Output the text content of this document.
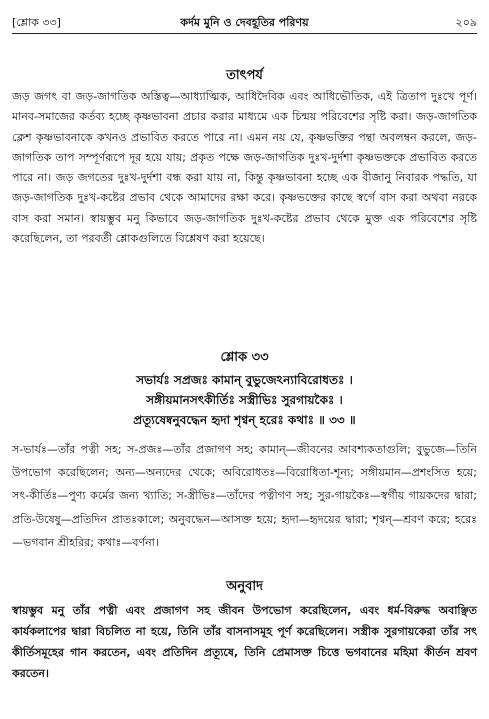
[শ্লোক ৩৩]	কর্দম মুনি ও দেবহূতির পরিণয়	২০৯
তাৎপর্য

জড় জগৎ বা জড়-জাগতিক অস্তিত্ব—আধ্যাত্মিক, আধিদৈবিক এবং আধিভৌতিক, এই ত্রিতাপ দুঃখে পূর্ণ। মানব-সমাজের কর্তব্য হচ্ছে কৃষ্ণভাবনা প্রচার করার মাধ্যমে এক চিন্ময় পরিবেশের সৃষ্টি করা। জড়-জাগতিক ক্লেশ কৃষ্ণভাবনাকে কখনও প্রভাবিত করতে পারে না। এমন নয় যে, কৃষ্ণভক্তির পন্থা অবলম্বন করলে, জড়-জাগতিক তাপ সম্পূর্ণরূপে দূর হয়ে যায়; প্রকৃত পক্ষে জড়-জাগতিক দুঃখ-দুর্দশা কৃষ্ণভক্তকে প্রভাবিত করতে পারে না। জড় জগতের দুঃখ-দুর্দশা বন্ধ করা যায় না, কিন্তু কৃষ্ণভাবনা হচ্ছে এক বীজানু নিবারক পদ্ধতি, যা জড়-জাগতিক দুঃখ-কষ্টের প্রভাব থেকে আমাদের রক্ষা করে। কৃষ্ণভক্তের কাছে স্বর্গে বাস করা অথবা নরকে বাস করা সমান। স্বায়ম্ভুব মনু কিভাবে জড়-জাগতিক দুঃখ-কষ্টের প্রভাব থেকে মুক্ত এক পরিবেশের সৃষ্টি করেছিলেন, তা পরবর্তী শ্লোকগুলিতে বিশ্লেষণ করা হয়েছে।

শ্লোক ৩৩
সভার্যঃ সপ্রজঃ কামান্ বুভুজেঽন্যাবিরোধতঃ ।
সঙ্গীয়মানসৎকীর্তিঃ সস্ত্রীভিঃ সুরগায়কৈঃ ।
প্রত্যূষেষ্বনুবদ্ধেন হৃদা শৃণ্বন্ হরেঃ কথাঃ ॥ ৩৩ ॥

স-ভার্যঃ—তাঁর পত্নী সহ; স-প্রজঃ—তাঁর প্রজাগণ সহ; কামান্—জীবনের আবশ্যকতাগুলি; বুভুজে—তিনি উপভোগ করেছিলেন; অন্য—অন্যদের থেকে; অবিরোধতঃ—বিরোধিতা-শূন্য; সঙ্গীয়মান—প্রশংসিত হয়ে; সৎ-কীর্তিঃ—পুণ্য কর্মের জন্য খ্যাতি; স-স্ত্রীভিঃ—তাঁদের পত্নীগণ সহ; সুর-গায়কৈঃ—স্বর্গীয় গায়কদের দ্বারা; প্রতি-উষেষু—প্রতিদিন প্রাতঃকালে; অনুবদ্ধেন—আসক্ত হয়ে; হৃদা—হৃদয়ের দ্বারা; শৃণ্বন্—শ্রবণ করে; হরেঃ—ভগবান শ্রীহরির; কথাঃ—বর্ণনা।

অনুবাদ

স্বায়ম্ভুব মনু তাঁর পত্নী এবং প্রজাগণ সহ জীবন উপভোগ করেছিলেন, এবং ধর্ম-বিরুদ্ধ অবাঞ্ছিত কার্যকলাপের দ্বারা বিচলিত না হয়ে, তিনি তাঁর বাসনাসমূহ পূর্ণ করেছিলেন। সস্ত্রীক সুরগায়কেরা তাঁর সৎ কীর্তিসমূহের গান করতেন, এবং প্রতিদিন প্রত্যূষে, তিনি প্রেমাসক্ত চিত্তে ভগবানের মহিমা কীর্তন শ্রবণ করতেন।
